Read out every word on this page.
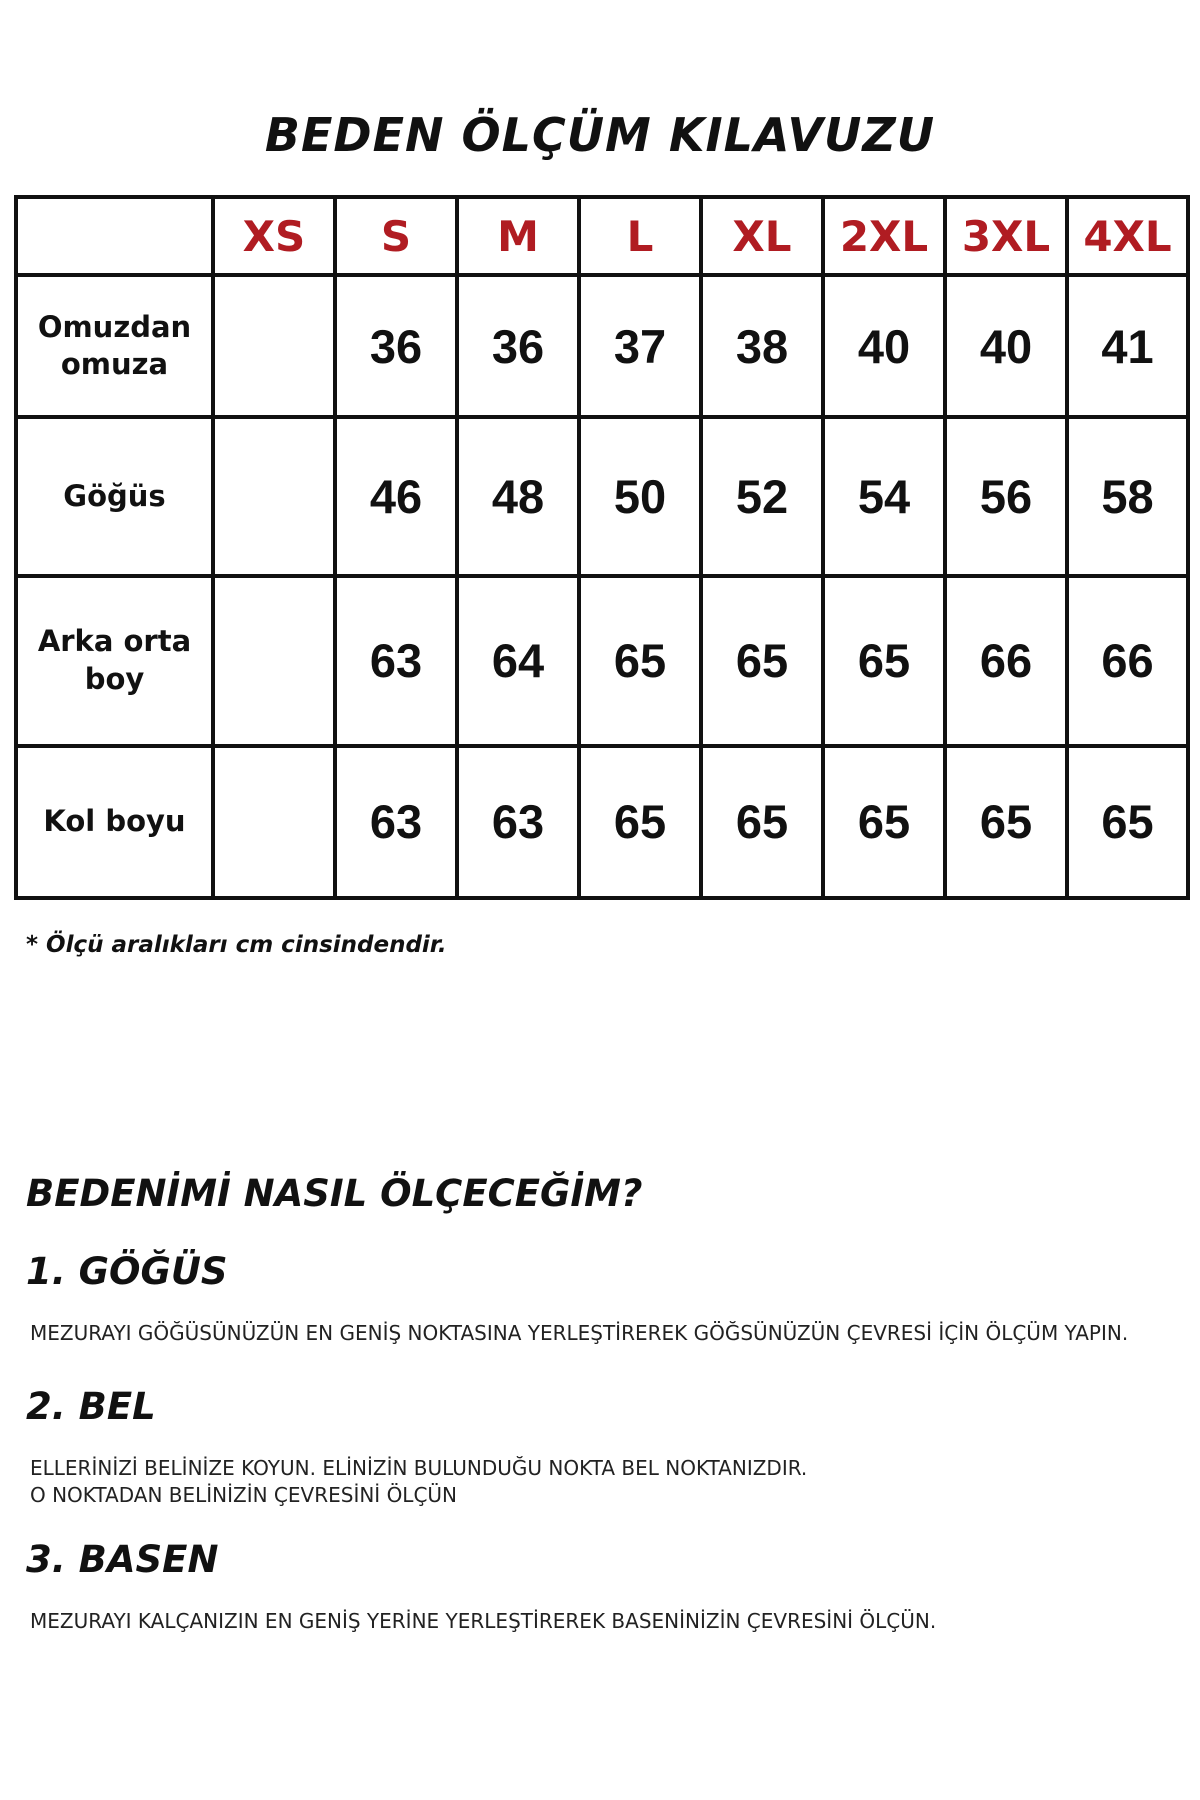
BEDEN ÖLÇÜM KILAVUZU
	XS	S	M	L	XL	2XL	3XL	4XL

Omuzdan
omuza		36	36	37	38	40	40	41

Göğüs		46	48	50	52	54	56	58

Arka orta
boy		63	64	65	65	65	66	66

Kol boyu		63	63	65	65	65	65	65
* Ölçü aralıkları cm cinsindendir.
BEDENİMİ NASIL ÖLÇECEĞİM?
1. GÖĞÜS
MEZURAYI GÖĞÜSÜNÜZÜN EN GENİŞ NOKTASINA YERLEŞTİREREK GÖĞSÜNÜZÜN ÇEVRESİ İÇİN ÖLÇÜM YAPIN.
2. BEL
ELLERİNİZİ BELİNİZE KOYUN. ELİNİZİN BULUNDUĞU NOKTA BEL NOKTANIZDIR.
O NOKTADAN BELİNİZİN ÇEVRESİNİ ÖLÇÜN
3. BASEN
MEZURAYI KALÇANIZIN EN GENİŞ YERİNE YERLEŞTİREREK BASENİNİZİN ÇEVRESİNİ ÖLÇÜN.
